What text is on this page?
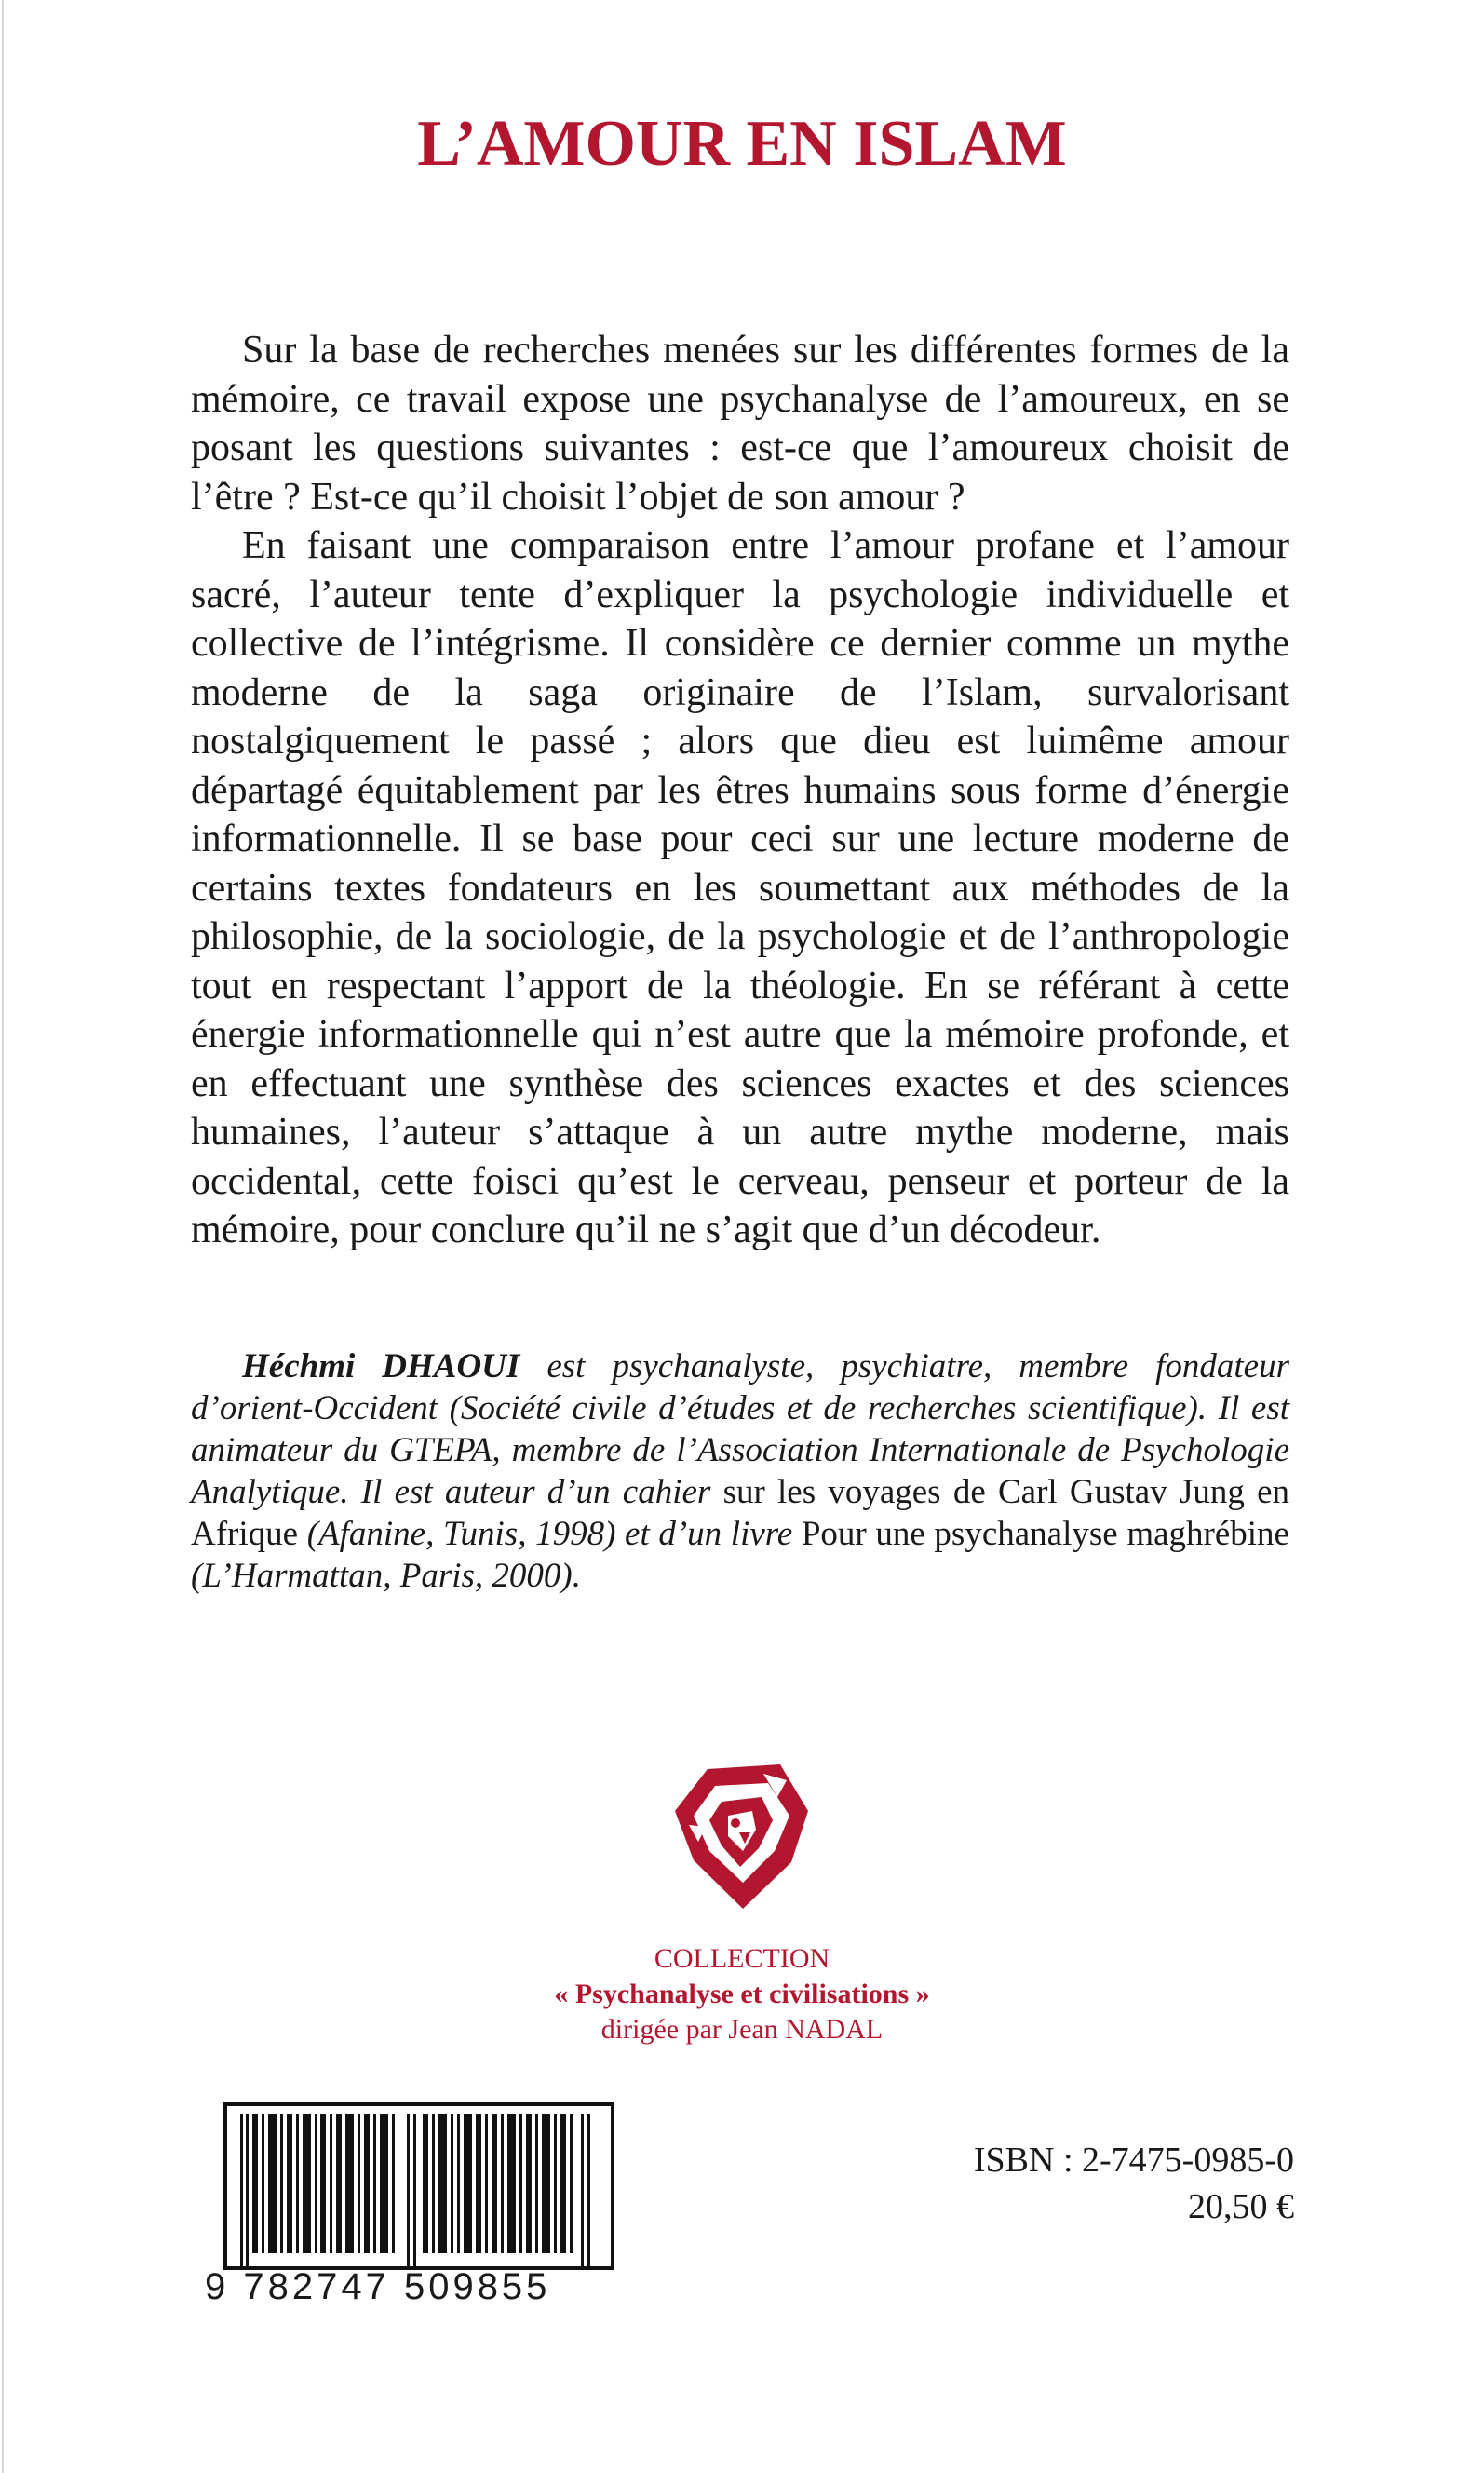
L’AMOUR EN ISLAM

Sur la base de recherches menées sur les différentes formes de la mémoire, ce travail expose une psychanalyse de l’amoureux, en se posant les questions suivantes : est-ce que l’amoureux choisit de l’être ? Est-ce qu’il choisit l’objet de son amour ?

En faisant une comparaison entre l’amour profane et l’amour sacré, l’auteur tente d’expliquer la psychologie individuelle et collective de l’intégrisme. Il considère ce dernier comme un mythe moderne de la saga originaire de l’Islam, survalorisant nostalgiquement le passé ; alors que dieu est luimême amour départagé équitablement par les êtres humains sous forme d’énergie informationnelle. Il se base pour ceci sur une lecture moderne de certains textes fondateurs en les soumettant aux méthodes de la philosophie, de la sociologie, de la psychologie et de l’anthropologie tout en respectant l’apport de la théologie. En se référant à cette énergie informationnelle qui n’est autre que la mémoire profonde, et en effectuant une synthèse des sciences exactes et des sciences humaines, l’auteur s’attaque à un autre mythe moderne, mais occidental, cette foisci qu’est le cerveau, penseur et porteur de la mémoire, pour conclure qu’il ne s’agit que d’un décodeur.

Héchmi DHAOUI est psychanalyste, psychiatre, membre fondateur d’orient-Occident (Société civile d’études et de recherches scientifique). Il est animateur du GTEPA, membre de l’Association Internationale de Psychologie Analytique. Il est auteur d’un cahier sur les voyages de Carl Gustav Jung en Afrique (Afanine, Tunis, 1998) et d’un livre Pour une psychanalyse maghrébine (L’Harmattan, Paris, 2000).

COLLECTION
« Psychanalyse et civilisations »
dirigée par Jean NADAL
9 782747 509855
ISBN : 2-7475-0985-0
20,50 €
